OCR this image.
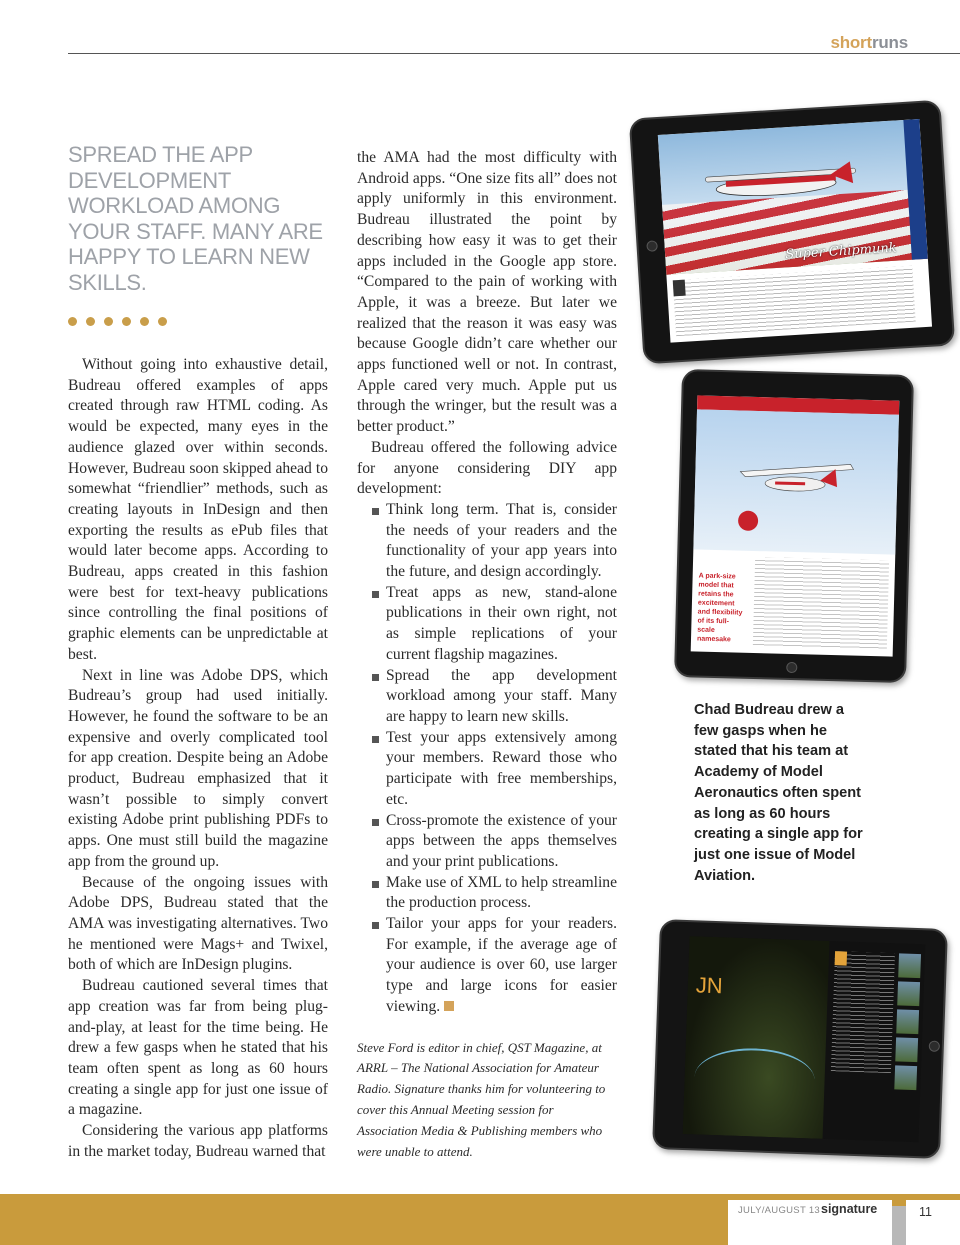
shortruns
SPREAD THE APP DEVELOPMENT WORKLOAD AMONG YOUR STAFF. MANY ARE HAPPY TO LEARN NEW SKILLS.

Without going into exhaustive detail, Budreau offered examples of apps created through raw HTML coding. As would be expected, many eyes in the audience glazed over within seconds. However, Budreau soon skipped ahead to somewhat “friendlier” methods, such as creating layouts in InDesign and then exporting the results as ePub files that would later become apps. According to Budreau, apps created in this fashion were best for text-heavy publications since controlling the final positions of graphic elements can be unpredictable at best.

Next in line was Adobe DPS, which Budreau’s group had used initially. However, he found the software to be an expensive and overly complicated tool for app creation. Despite being an Adobe product, Budreau emphasized that it wasn’t possible to simply convert existing Adobe print publishing PDFs to apps. One must still build the magazine app from the ground up.

Because of the ongoing issues with Adobe DPS, Budreau stated that the AMA was investigating alternatives. Two he mentioned were Mags+ and Twixel, both of which are InDesign plugins.

Budreau cautioned several times that app creation was far from being plug-and-play, at least for the time being. He drew a few gasps when he stated that his team often spent as long as 60 hours creating a single app for just one issue of a magazine.

Considering the various app platforms in the market today, Budreau warned that

the AMA had the most difficulty with Android apps. “One size fits all” does not apply uniformly in this environment. Budreau illustrated the point by describing how easy it was to get their apps included in the Google app store. “Compared to the pain of working with Apple, it was a breeze. But later we realized that the reason it was easy was because Google didn’t care whether our apps functioned well or not. In contrast, Apple cared very much. Apple put us through the wringer, but the result was a better product.”

Budreau offered the following advice for anyone considering DIY app development:

Think long term. That is, consider the needs of your readers and the functionality of your app years into the future, and design accordingly.
Treat apps as new, stand-alone publications in their own right, not as simple replications of your current flagship magazines.
Spread the app development workload among your staff. Many are happy to learn new skills.
Test your apps extensively among your members. Reward those who participate with free memberships, etc.
Cross-promote the existence of your apps between the apps themselves and your print publications.
Make use of XML to help streamline the production process.
Tailor your apps for your readers. For example, if the average age of your audience is over 60, use larger type and large icons for easier viewing.

Steve Ford is editor in chief, QST Magazine, at ARRL – The National Association for Amateur Radio. Signature thanks him for volunteering to cover this Annual Meeting session for Association Media & Publishing members who were unable to attend.

Super Chipmunk
A park-size model that retains the excitement and flexibility of its full-scale namesake
Chad Budreau drew a few gasps when he stated that his team at Academy of Model Aeronautics often spent as long as 60 hours creating a single app for just one issue of Model Aviation.
JN
JULY/AUGUST 13 signature	11
